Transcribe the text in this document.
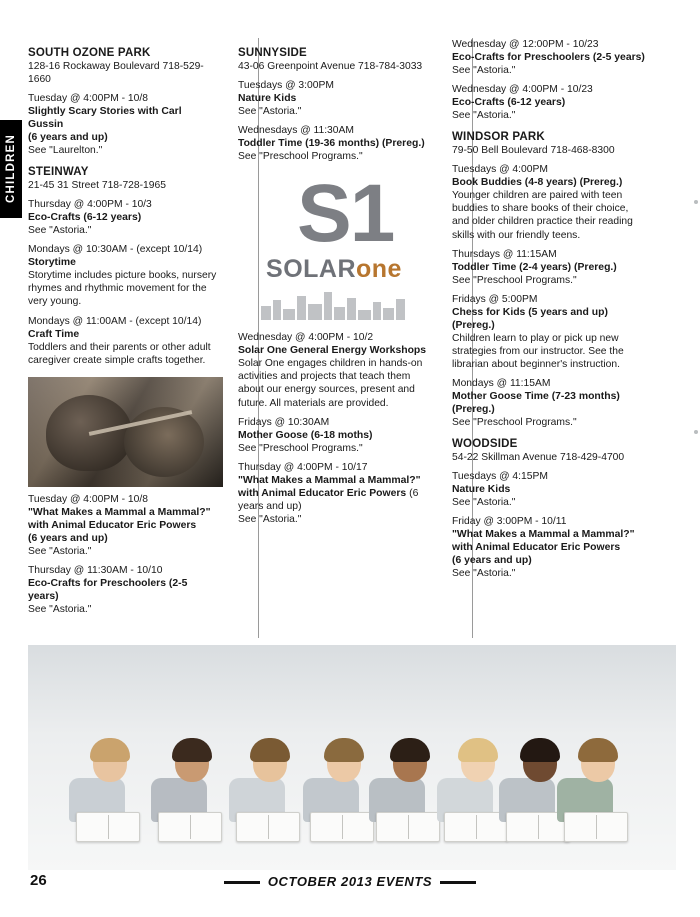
CHILDREN
SOUTH OZONE PARK
128-16 Rockaway Boulevard 718-529-1660
Tuesday @ 4:00PM - 10/8
Slightly Scary Stories with Carl Gussin
(6 years and up)
See "Laurelton."
STEINWAY
21-45 31 Street 718-728-1965
Thursday @ 4:00PM - 10/3
Eco-Crafts (6-12 years)
See "Astoria."
Mondays @ 10:30AM - (except 10/14)
Storytime
Storytime includes picture books, nursery rhymes and rhythmic movement for the very young.
Mondays @ 11:00AM - (except 10/14)
Craft Time
Toddlers and their parents or other adult caregiver create simple crafts together.
Tuesday @ 4:00PM - 10/8
"What Makes a Mammal a Mammal?" with Animal Educator Eric Powers
(6 years and up)
See "Astoria."
Thursday @ 11:30AM - 10/10
Eco-Crafts for Preschoolers (2-5 years)
See "Astoria."
SUNNYSIDE
43-06 Greenpoint Avenue 718-784-3033
Tuesdays @ 3:00PM
Nature Kids
See "Astoria."
Wednesdays @ 11:30AM
Toddler Time (19-36 months) (Prereg.)
See "Preschool Programs."
S1
SOLARone
Wednesday @ 4:00PM - 10/2
Solar One General Energy Workshops
Solar One engages children in hands-on activities and projects that teach them about our energy sources, present and future. All materials are provided.
Fridays @ 10:30AM
Mother Goose (6-18 moths)
See "Preschool Programs."
Thursday @ 4:00PM - 10/17
"What Makes a Mammal a Mammal?" with Animal Educator Eric Powers (6 years and up)
See "Astoria."
Wednesday @ 12:00PM - 10/23
Eco-Crafts for Preschoolers (2-5 years)
See "Astoria."
Wednesday @ 4:00PM - 10/23
Eco-Crafts (6-12 years)
See "Astoria."
WINDSOR PARK
79-50 Bell Boulevard 718-468-8300
Tuesdays @ 4:00PM
Book Buddies (4-8 years) (Prereg.)
Younger children are paired with teen buddies to share books of their choice, and older children practice their reading skills with our friendly teens.
Thursdays @ 11:15AM
Toddler Time (2-4 years) (Prereg.)
See "Preschool Programs."
Fridays @ 5:00PM
Chess for Kids (5 years and up) (Prereg.)
Children learn to play or pick up new strategies from our instructor. See the librarian about beginner's instruction.
Mondays @ 11:15AM
Mother Goose Time (7-23 months) (Prereg.)
See "Preschool Programs."
WOODSIDE
54-22 Skillman Avenue 718-429-4700
Tuesdays @ 4:15PM
Nature Kids
See "Astoria."
Friday @ 3:00PM - 10/11
"What Makes a Mammal a Mammal?" with Animal Educator Eric Powers
(6 years and up)
See "Astoria."
26	OCTOBER 2013 EVENTS
